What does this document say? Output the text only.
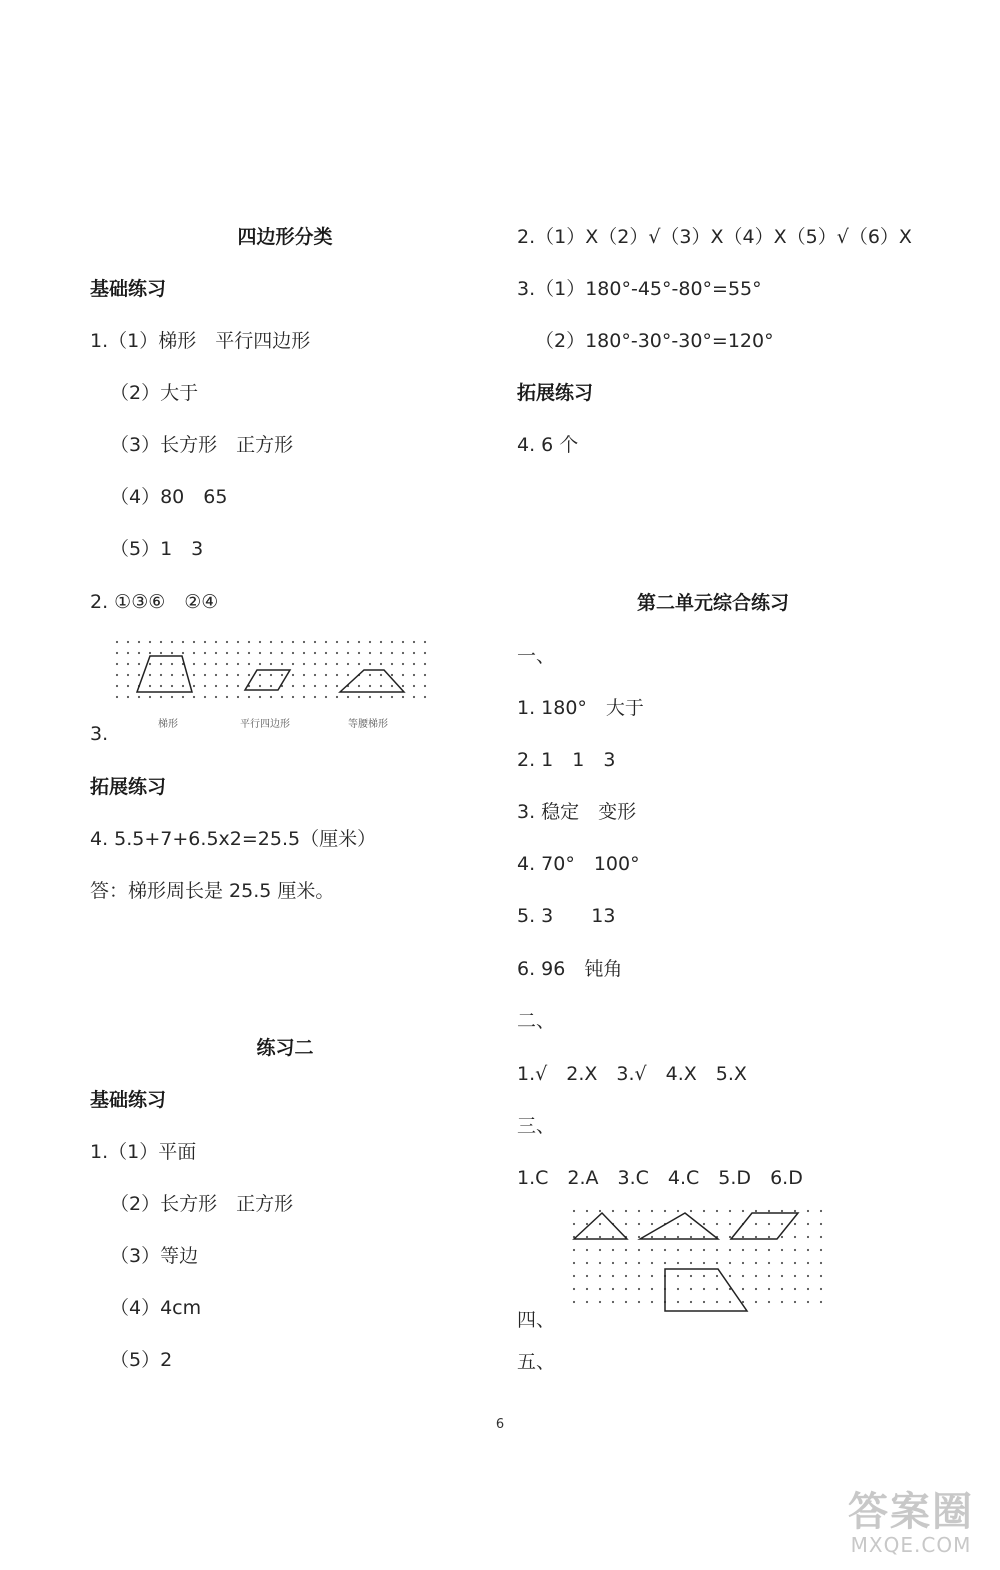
四边形分类
基础练习
1.（1）梯形　平行四边形
（2）大于
（3）长方形　正方形
（4）80　65
（5）1　3
2. ①③⑥　②④
梯形	平行四边形	等腰梯形
3.
拓展练习
4. 5.5+7+6.5x2=25.5（厘米）
答：梯形周长是 25.5 厘米。
练习二
基础练习
1.（1）平面
（2）长方形　正方形
（3）等边
（4）4cm
（5）2
2.（1）X（2）√（3）X（4）X（5）√（6）X
3.（1）180°-45°-80°=55°
（2）180°-30°-30°=120°
拓展练习
4. 6 个
第二单元综合练习
一、
1. 180°　大于
2. 1　1　3
3. 稳定　变形
4. 70°　100°
5. 3　　13
6. 96　钝角
二、
1.√　2.X　3.√　4.X　5.X
三、
1.C　2.A　3.C　4.C　5.D　6.D
四、
五、
6
答案圈
MXQE.COM
